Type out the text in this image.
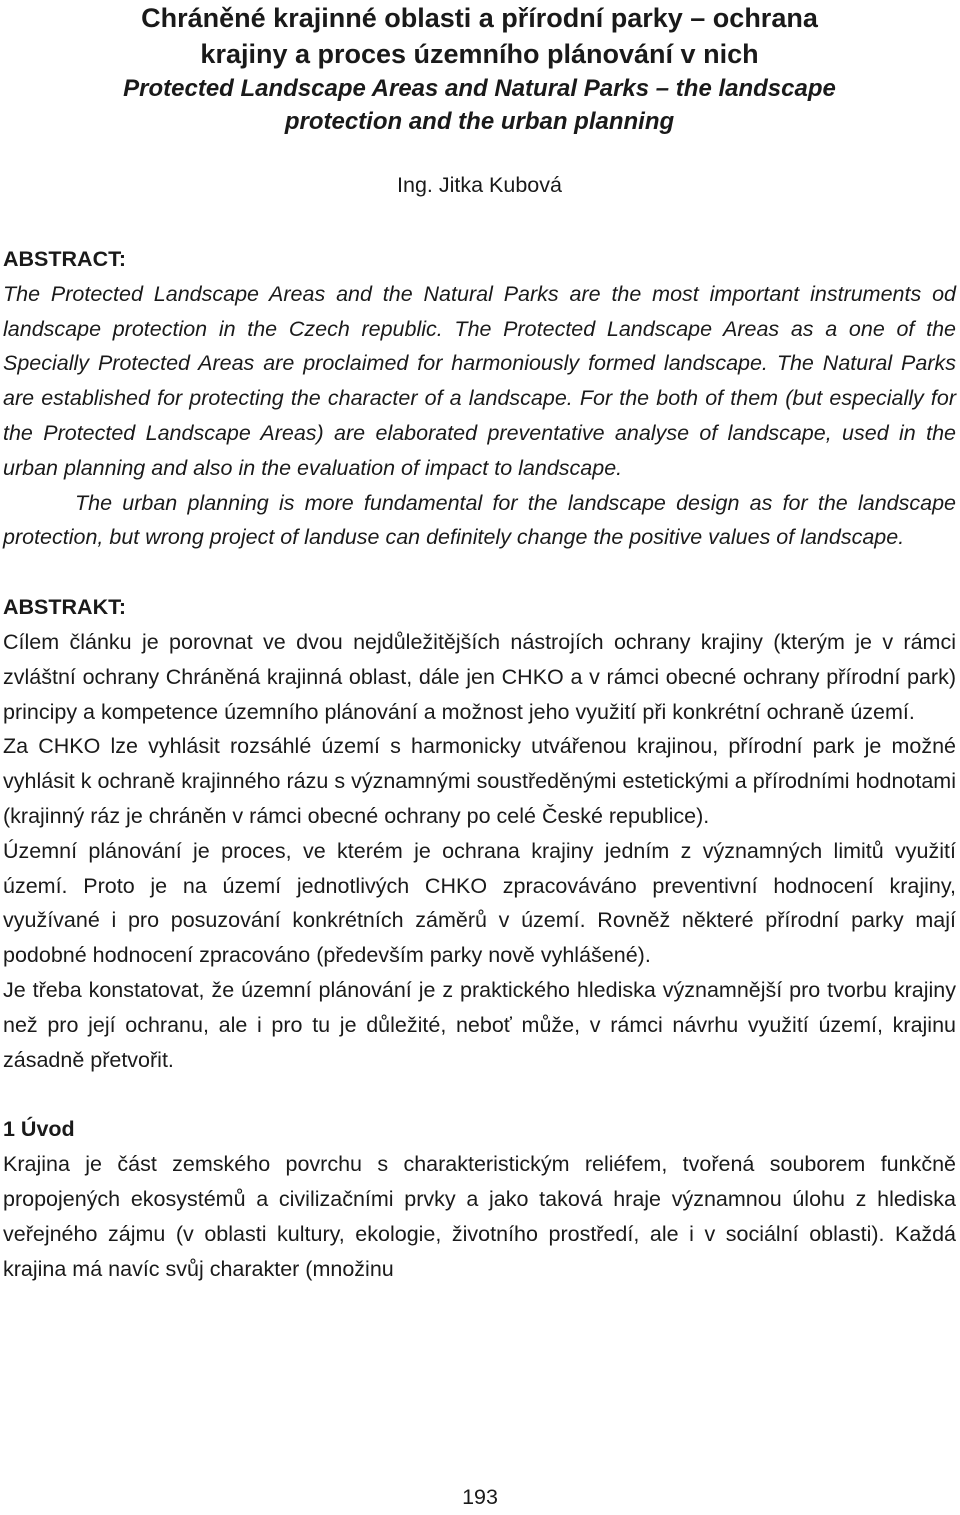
Chráněné krajinné oblasti a přírodní parky – ochrana
krajiny a proces územního plánování v nich
Protected Landscape Areas and Natural Parks – the landscape
protection and the urban planning
Ing. Jitka Kubová
ABSTRACT:

The Protected Landscape Areas and the Natural Parks are the most important instruments od landscape protection in the Czech republic. The Protected Landscape Areas as a one of the Specially Protected Areas are proclaimed for harmoniously formed landscape. The Natural Parks are established for protecting the character of a landscape. For the both of them (but especially for the Protected Landscape Areas) are elaborated preventative analyse of landscape, used in the urban planning and also in the evaluation of impact to landscape.

The urban planning is more fundamental for the landscape design as for the landscape protection, but wrong project of landuse can definitely change the positive values of landscape.

ABSTRAKT:

Cílem článku je porovnat ve dvou nejdůležitějších nástrojích ochrany krajiny (kterým je v rámci zvláštní ochrany Chráněná krajinná oblast, dále jen CHKO a v rámci obecné ochrany přírodní park) principy a kompetence územního plánování a možnost jeho využití při konkrétní ochraně území.

Za CHKO lze vyhlásit rozsáhlé území s harmonicky utvářenou krajinou, přírodní park je možné vyhlásit k ochraně krajinného rázu s významnými soustředěnými estetickými a přírodními hodnotami (krajinný ráz je chráněn v rámci obecné ochrany po celé České republice).

Územní plánování je proces, ve kterém je ochrana krajiny jedním z významných limitů využití území. Proto je na území jednotlivých CHKO zpracováváno preventivní hodnocení krajiny, využívané i pro posuzování konkrétních záměrů v území. Rovněž některé přírodní parky mají podobné hodnocení zpracováno (především parky nově vyhlášené).

Je třeba konstatovat, že územní plánování je z praktického hlediska významnější pro tvorbu krajiny než pro její ochranu, ale i pro tu je důležité, neboť může, v rámci návrhu využití území, krajinu zásadně přetvořit.

1 Úvod

Krajina je část zemského povrchu s charakteristickým reliéfem, tvořená souborem funkčně propojených ekosystémů a civilizačními prvky a jako taková hraje významnou úlohu z hlediska veřejného zájmu (v oblasti kultury, ekologie, životního prostředí, ale i v sociální oblasti). Každá krajina má navíc svůj charakter (množinu

193
